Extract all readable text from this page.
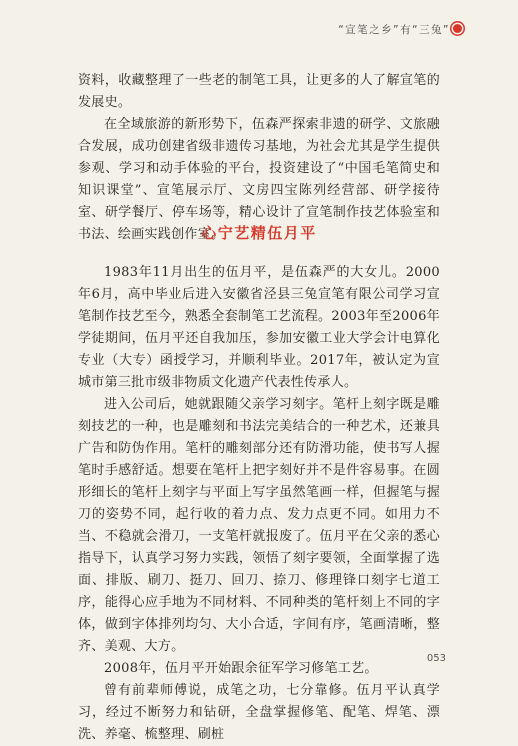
“宣笔之乡”有“三兔”

资料，收藏整理了一些老的制笔工具，让更多的人了解宣笔的发展史。

在全域旅游的新形势下，伍森严探索非遗的研学、文旅融合发展，成功创建省级非遗传习基地，为社会尤其是学生提供参观、学习和动手体验的平台，投资建设了“中国毛笔简史和知识课堂”、宣笔展示厅、文房四宝陈列经营部、研学接待室、研学餐厅、停车场等，精心设计了宣笔制作技艺体验室和书法、绘画实践创作室。

心宁艺精伍月平

1983年11月出生的伍月平，是伍森严的大女儿。2000年6月，高中毕业后进入安徽省泾县三兔宣笔有限公司学习宣笔制作技艺至今，熟悉全套制笔工艺流程。2003年至2006年学徒期间，伍月平还自我加压，参加安徽工业大学会计电算化专业（大专）函授学习，并顺利毕业。2017年，被认定为宣城市第三批市级非物质文化遗产代表性传承人。

进入公司后，她就跟随父亲学习刻字。笔杆上刻字既是雕刻技艺的一种，也是雕刻和书法完美结合的一种艺术，还兼具广告和防伪作用。笔杆的雕刻部分还有防滑功能，使书写人握笔时手感舒适。想要在笔杆上把字刻好并不是件容易事。在圆形细长的笔杆上刻字与平面上写字虽然笔画一样，但握笔与握刀的姿势不同，起行收的着力点、发力点更不同。如用力不当、不稳就会滑刀，一支笔杆就报废了。伍月平在父亲的悉心指导下，认真学习努力实践，领悟了刻字要领，全面掌握了选面、排版、刷刀、挺刀、回刀、捺刀、修理锋口刻字七道工序，能得心应手地为不同材料、不同种类的笔杆刻上不同的字体，做到字体排列均匀、大小合适，字间有序，笔画清晰，整齐、美观、大方。

2008年，伍月平开始跟余征军学习修笔工艺。

曾有前辈师傅说，成笔之功，七分靠修。伍月平认真学习，经过不断努力和钻研，全盘掌握修笔、配笔、焊笔、漂洗、养毫、梳整理、刷桩

053
